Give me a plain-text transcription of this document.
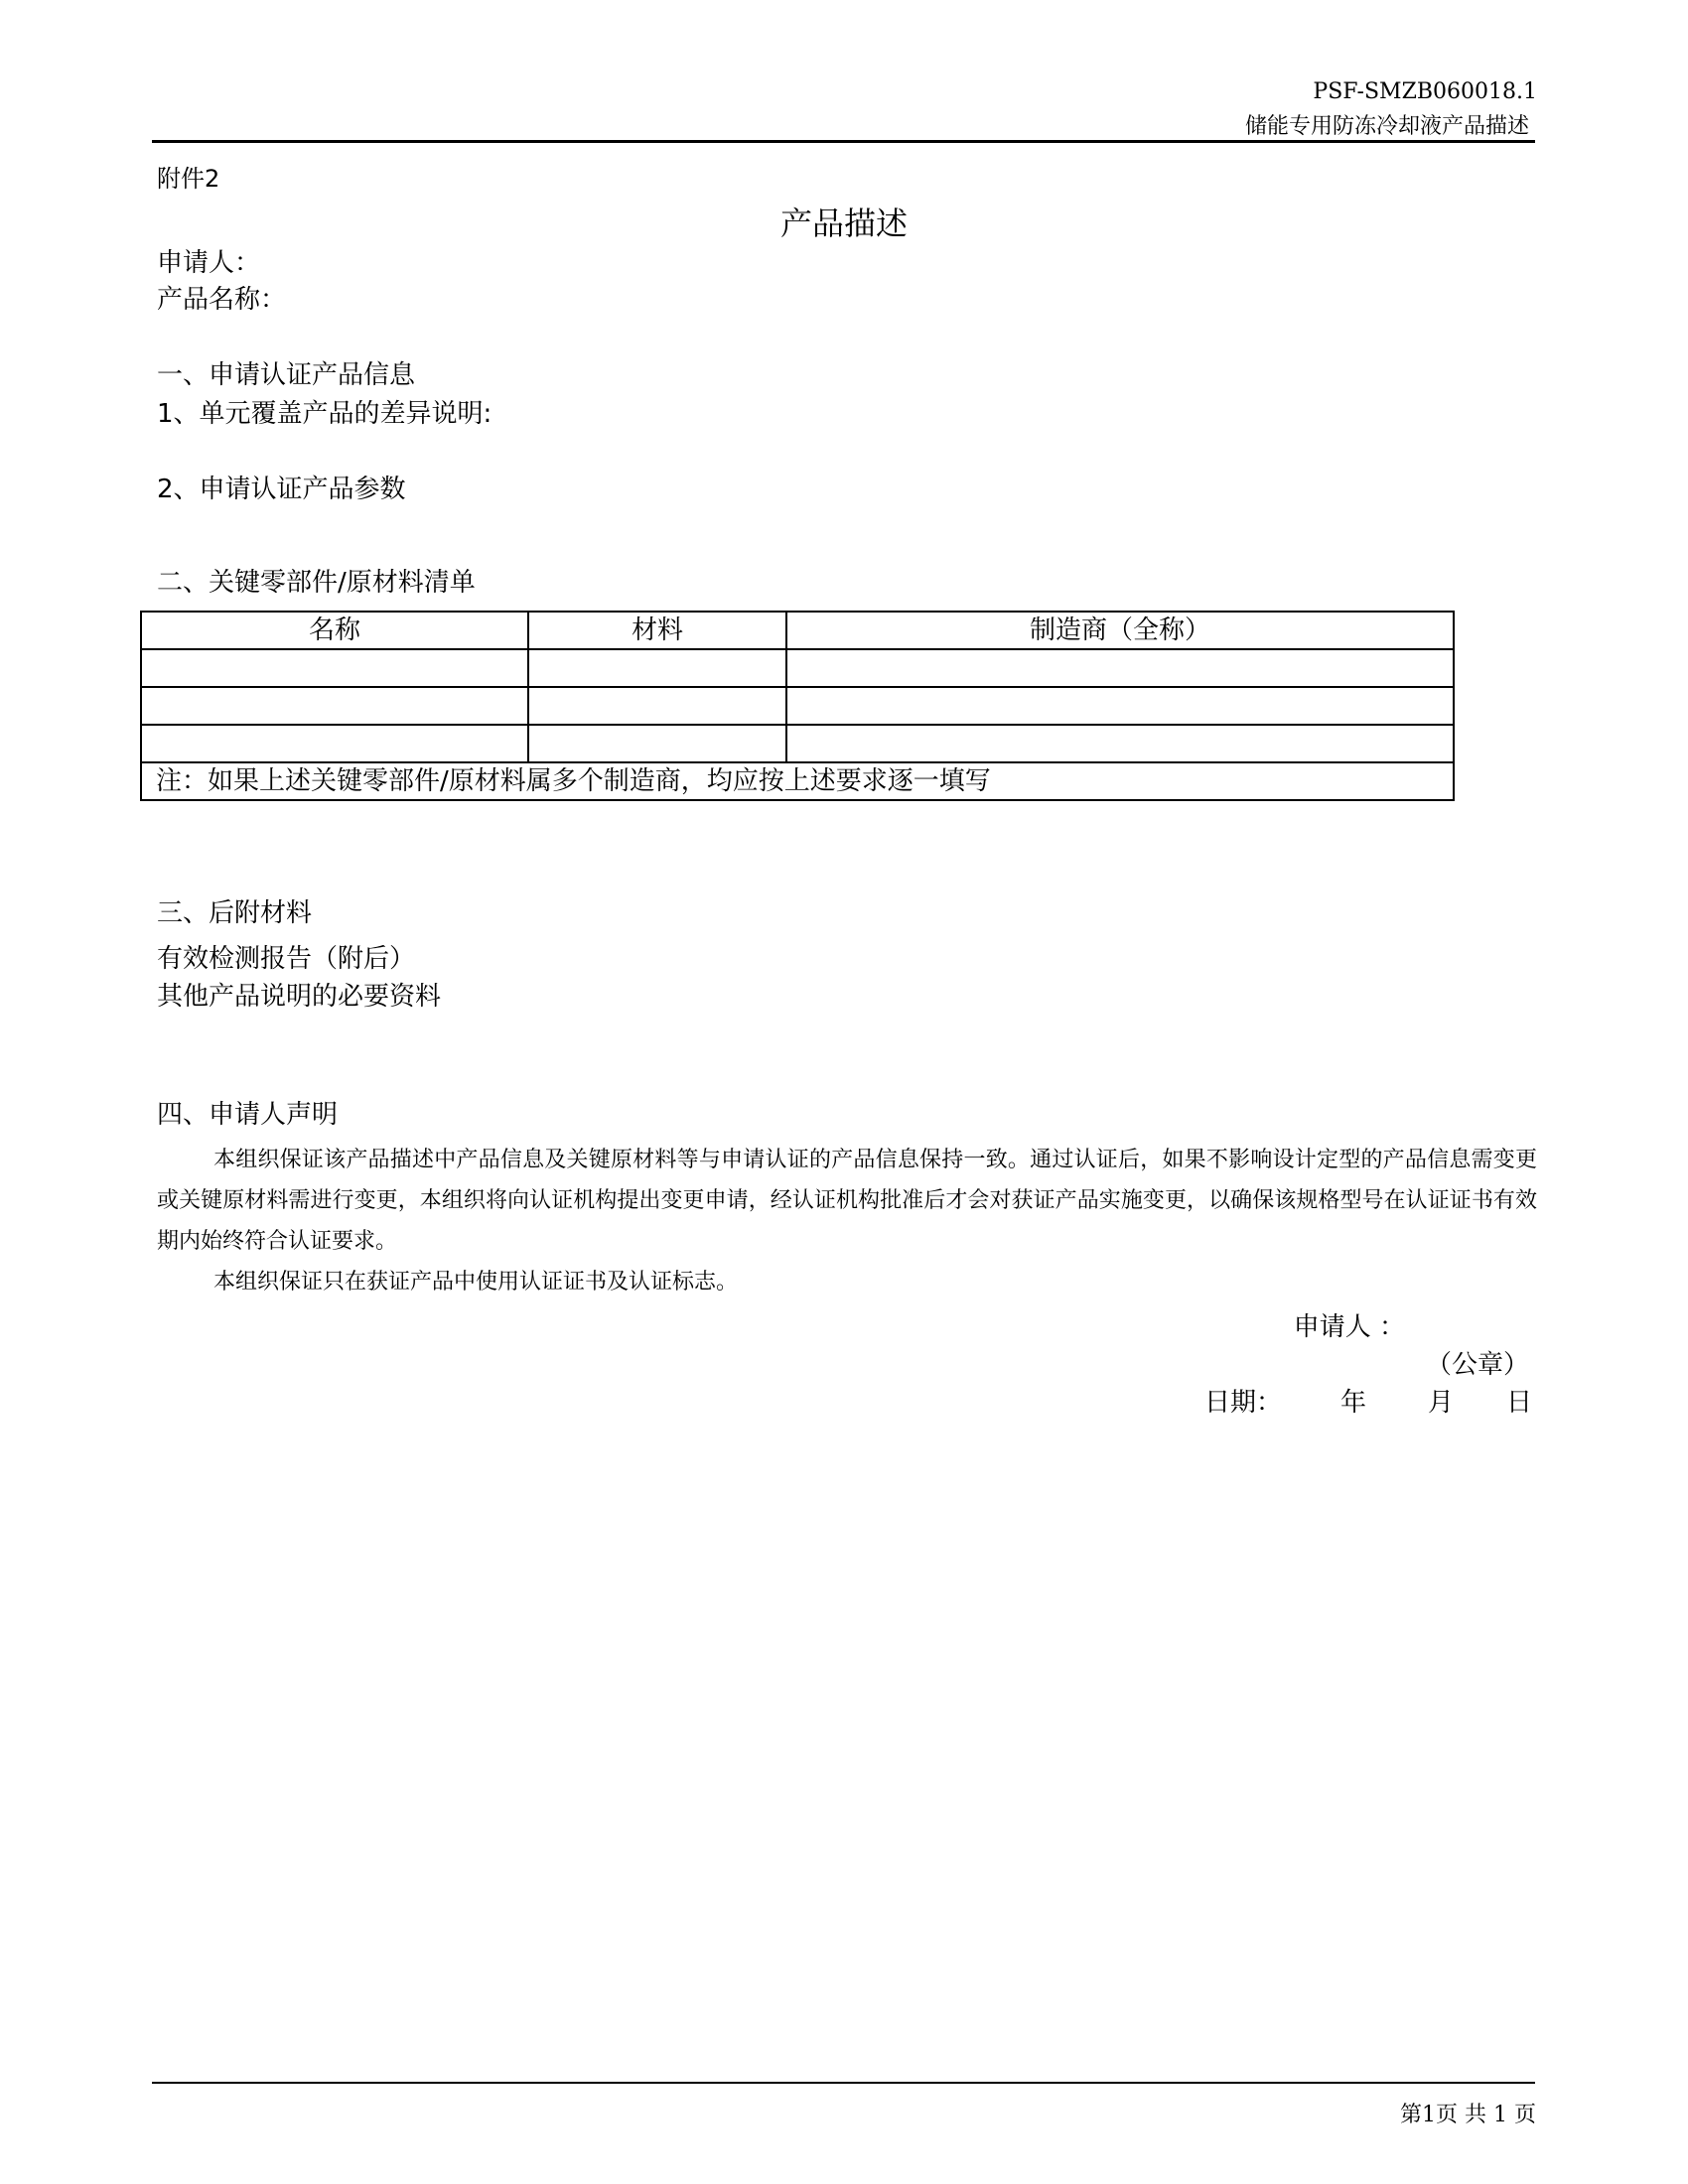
PSF-SMZB060018.1
储能专用防冻冷却液产品描述
附件2
产品描述
申请人：
产品名称：
一、申请认证产品信息
1、单元覆盖产品的差异说明:
2、申请认证产品参数
二、关键零部件/原材料清单
名称	材料	制造商（全称）

注：如果上述关键零部件/原材料属多个制造商，均应按上述要求逐一填写		
三、后附材料
有效检测报告（附后）
其他产品说明的必要资料
四、申请人声明
本组织保证该产品描述中产品信息及关键原材料等与申请认证的产品信息保持一致。通过认证后，如果不影响设计定型的产品信息需变更或关键原材料需进行变更，本组织将向认证机构提出变更申请，经认证机构批准后才会对获证产品实施变更，以确保该规格型号在认证证书有效期内始终符合认证要求。
本组织保证只在获证产品中使用认证证书及认证标志。
申请人 ：
（公章）
日期： 年 月 日
第1页 共 1 页
